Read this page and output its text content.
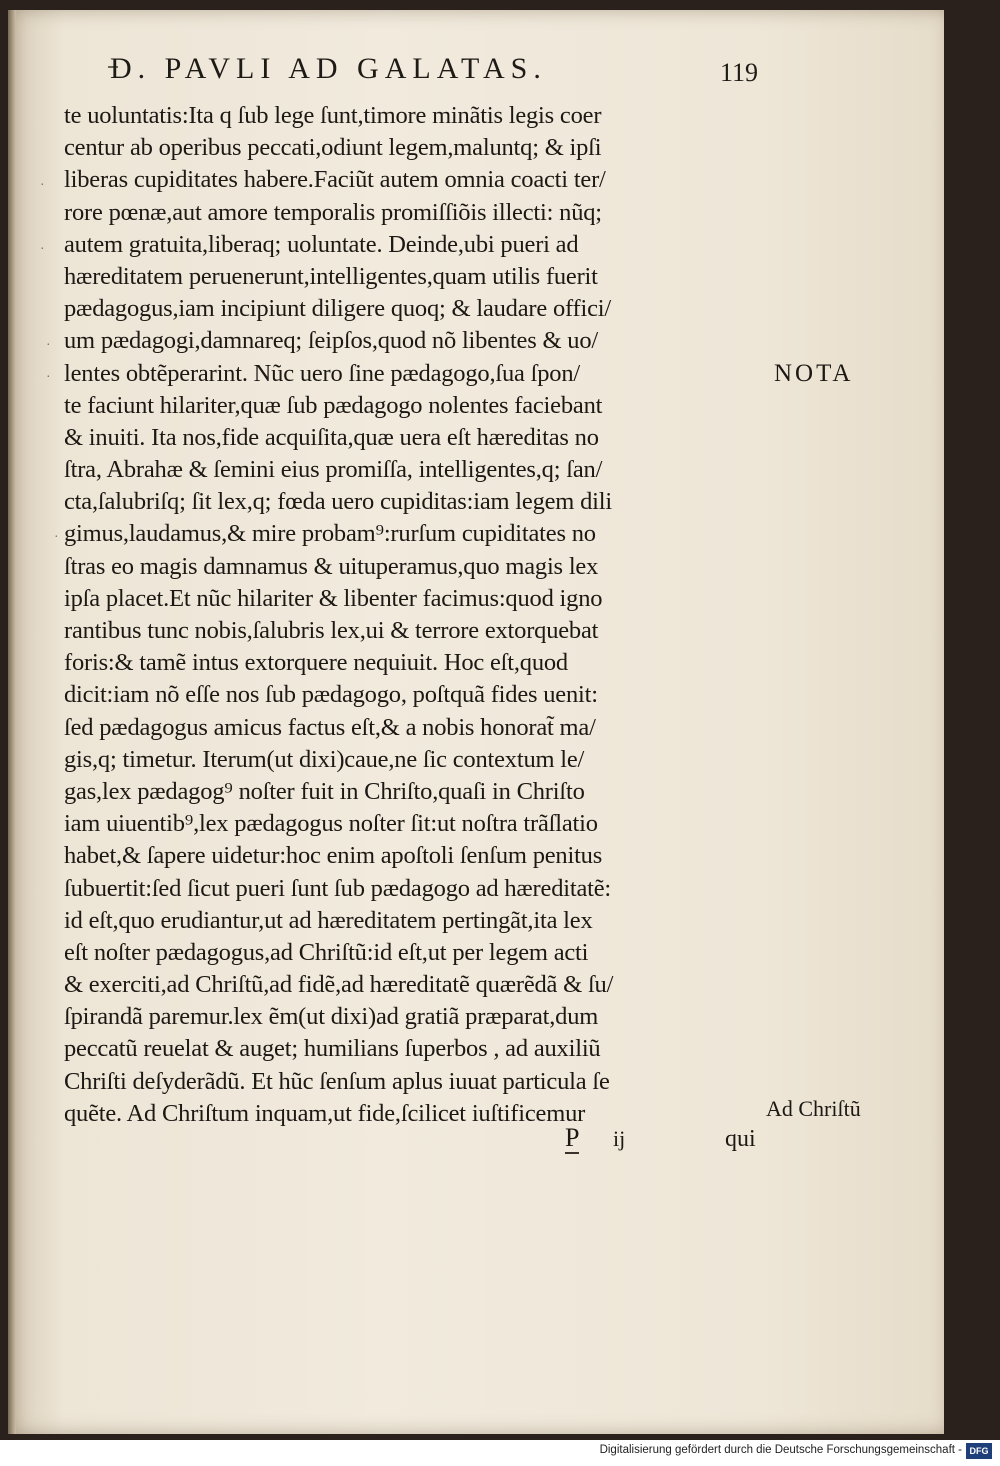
D. PAVLI AD GALATAS.	119
te uoluntatis:Ita q ſub lege ſunt,timore minãtis legis coer
centur ab operibus peccati,odiunt legem,maluntq; & ipſi
liberas cupiditates habere.Faciũt autem omnia coacti ter/
rore pœnæ,aut amore temporalis promiſſiõis illecti: nũq;
autem gratuita,liberaq; uoluntate. Deinde,ubi pueri ad
hæreditatem peruenerunt,intelligentes,quam utilis fuerit
pædagogus,iam incipiunt diligere quoq; & laudare offici/
um pædagogi,damnareq; ſeipſos,quod nõ libentes & uo/
lentes obtẽperarint. Nũc uero ſine pædagogo,ſua ſpon/
te faciunt hilariter,quæ ſub pædagogo nolentes faciebant
& inuiti. Ita nos,fide acquiſita,quæ uera eſt hæreditas no
ſtra, Abrahæ & ſemini eius promiſſa, intelligentes,q; ſan/
cta,ſalubriſq; ſit lex,q; fœda uero cupiditas:iam legem dili
gimus,laudamus,& mire probam⁹:rurſum cupiditates no
ſtras eo magis damnamus & uituperamus,quo magis lex
ipſa placet.Et nũc hilariter & libenter facimus:quod igno
rantibus tunc nobis,ſalubris lex,ui & terrore extorquebat
foris:& tamẽ intus extorquere nequiuit. Hoc eſt,quod
dicit:iam nõ eſſe nos ſub pædagogo, poſtquã fides uenit:
ſed pædagogus amicus factus eſt,& a nobis honorat̃ ma/
gis,q; timetur. Iterum(ut dixi)caue,ne ſic contextum le/
gas,lex pædagog⁹ noſter fuit in Chriſto,quaſi in Chriſto
iam uiuentib⁹,lex pædagogus noſter ſit:ut noſtra trãſlatio
habet,& ſapere uidetur:hoc enim apoſtoli ſenſum penitus
ſubuertit:ſed ſicut pueri ſunt ſub pædagogo ad hæreditatẽ:
id eſt,quo erudiantur,ut ad hæreditatem pertingãt,ita lex
eſt noſter pædagogus,ad Chriſtũ:id eſt,ut per legem acti
& exerciti,ad Chriſtũ,ad fidẽ,ad hæreditatẽ quærẽdã & ſu/
ſpirandã paremur.lex ẽm(ut dixi)ad gratiã præparat,dum
peccatũ reuelat & auget; humilians ſuperbos , ad auxiliũ
Chriſti deſyderãdũ. Et hũc ſenſum aplus iuuat particula ſe
quẽte. Ad Chriſtum inquam,ut fide,ſcilicet iuſtificemur
·
·
·
·
·
NOTA
Ad Chriſtũ
P ij	qui
Digitalisierung gefördert durch die Deutsche Forschungsgemeinschaft - DFG
